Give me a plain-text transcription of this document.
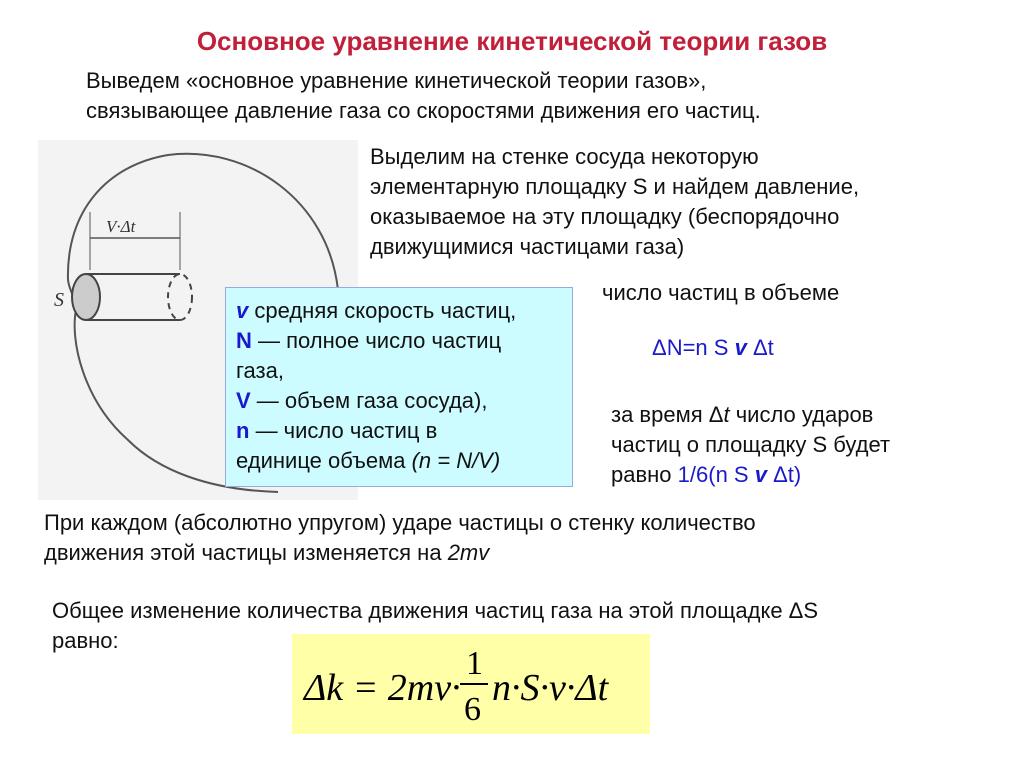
Основное уравнение кинетической теории газов
Выведем «основное уравнение кинетической теории газов»,
связывающее давление газа со скоростями движения его частиц.
V·Δt
S
Выделим на стенке сосуда некоторую
элементарную площадку S и найдем давление,
оказываемое на эту площадку (беспорядочно
движущимися частицами газа)
v средняя скорость частиц,
N — полное число частиц
газа,
V — объем газа сосуда),
n — число частиц в
единице объема (n = N/V)
число частиц в объеме
ΔN=n S v Δt
за время Δt число ударов
частиц о площадку S будет
равно 1/6(n S v Δt)
При каждом (абсолютно упругом) ударе частицы о стенку количество
движения этой частицы изменяется на 2mv
Общее изменение количества движения частиц газа на этой площадке ΔS
равно:
Δk = 2mv·
1
6
n·S·v·Δt
